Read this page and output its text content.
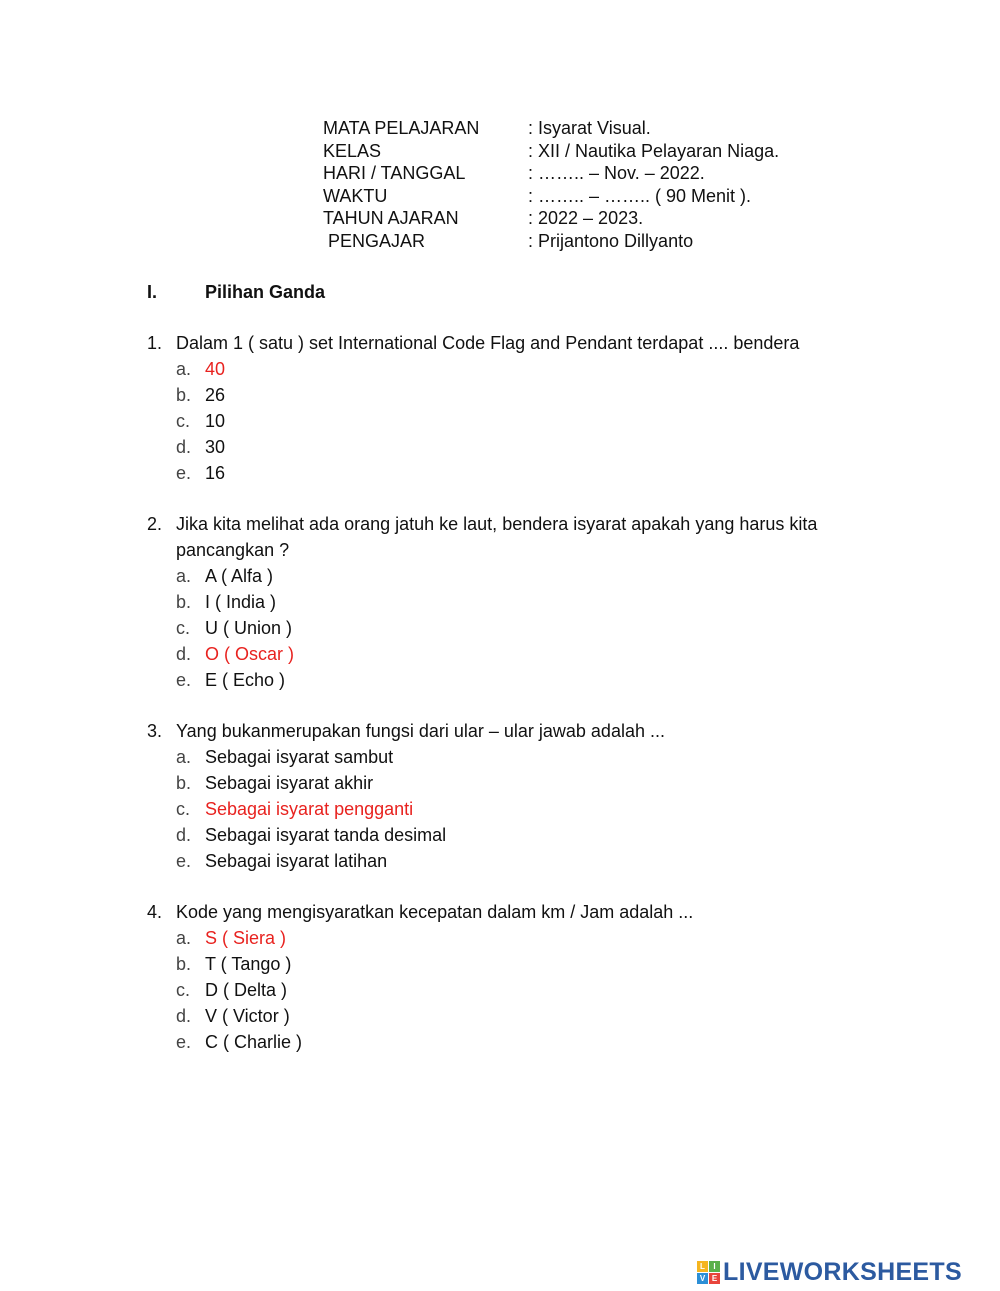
MATA PELAJARAN	: Isyarat Visual.
KELAS	: XII / Nautika Pelayaran Niaga.
HARI / TANGGAL	: …….. – Nov. – 2022.
WAKTU	: …….. – …….. ( 90 Menit ).
TAHUN AJARAN	: 2022 – 2023.
PENGAJAR	: Prijantono Dillyanto
I.	Pilihan Ganda
1. Dalam 1 ( satu ) set International Code Flag and Pendant terdapat .... bendera
a. 40
b. 26
c. 10
d. 30
e. 16
2. Jika kita melihat ada orang jatuh ke laut, bendera isyarat apakah yang harus kita pancangkan ?
a. A ( Alfa )
b. I ( India )
c. U ( Union )
d. O ( Oscar )
e. E ( Echo )
3. Yang bukanmerupakan fungsi dari ular – ular jawab adalah ...
a. Sebagai isyarat sambut
b. Sebagai isyarat akhir
c. Sebagai isyarat pengganti
d. Sebagai isyarat tanda desimal
e. Sebagai isyarat latihan
4. Kode yang mengisyaratkan kecepatan dalam km / Jam adalah ...
a. S ( Siera )
b. T ( Tango )
c. D ( Delta )
d. V ( Victor )
e. C ( Charlie )
L	I
V E LIVEWORKSHEETS
